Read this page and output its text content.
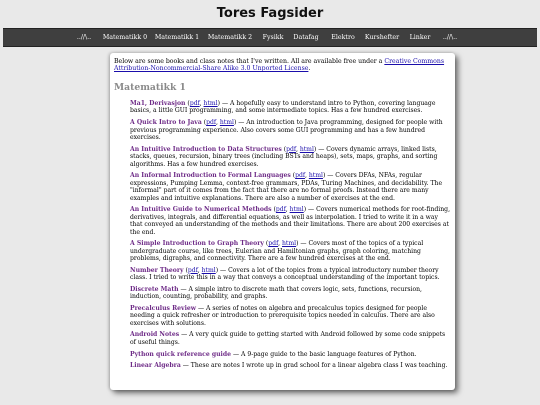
Tores Fagsider
..//\.. Matematikk 0 Matematikk 1 Matematikk 2 Fysikk Datafag Elektro Kurshefter Linker ..//\..
Below are some books and class notes that I've written. All are available free under a Creative Commons Attribution-Noncommercial-Share Alike 3.0 Unported License.
Matematikk 1
Ma1, Derivasjon (pdf, html) — A hopefully easy to understand intro to Python, covering language basics, a little GUI programming, and some intermediate topics. Has a few hundred exercises.
A Quick Intro to Java (pdf, html) — An introduction to Java programming, designed for people with previous programming experience. Also covers some GUI programming and has a few hundred exercises.
An Intuitive Introduction to Data Structures (pdf, html) — Covers dynamic arrays, linked lists, stacks, queues, recursion, binary trees (including BSTs and heaps), sets, maps, graphs, and sorting algorithms. Has a few hundred exercises.
An Informal Introduction to Formal Languages (pdf, html) — Covers DFAs, NFAs, regular expressions, Pumping Lemma, context-free grammars, PDAs, Turing Machines, and decidability. The "informal" part of it comes from the fact that there are no formal proofs. Instead there are many examples and intuitive explanations. There are also a number of exercises at the end.
An Intuitive Guide to Numerical Methods (pdf, html) — Covers numerical methods for root-finding, derivatives, integrals, and differential equations, as well as interpolation. I tried to write it in a way that conveyed an understanding of the methods and their limitations. There are about 200 exercises at the end.
A Simple Introduction to Graph Theory (pdf, html) — Covers most of the topics of a typical undergraduate course, like trees, Eulerian and Hamiltonian graphs, graph coloring, matching problems, digraphs, and connectivity. There are a few hundred exercises at the end.
Number Theory (pdf, html) — Covers a lot of the topics from a typical introductory number theory class. I tried to write this in a way that conveys a conceptual understanding of the important topics.
Discrete Math — A simple intro to discrete math that covers logic, sets, functions, recursion, induction, counting, probability, and graphs.
Precalculus Review — A series of notes on algebra and precalculus topics designed for people needing a quick refresher or introduction to prerequisite topics needed in calculus. There are also exercises with solutions.
Android Notes — A very quick guide to getting started with Android followed by some code snippets of useful things.
Python quick reference guide — A 9-page guide to the basic language features of Python.
Linear Algebra — These are notes I wrote up in grad school for a linear algebra class I was teaching.
